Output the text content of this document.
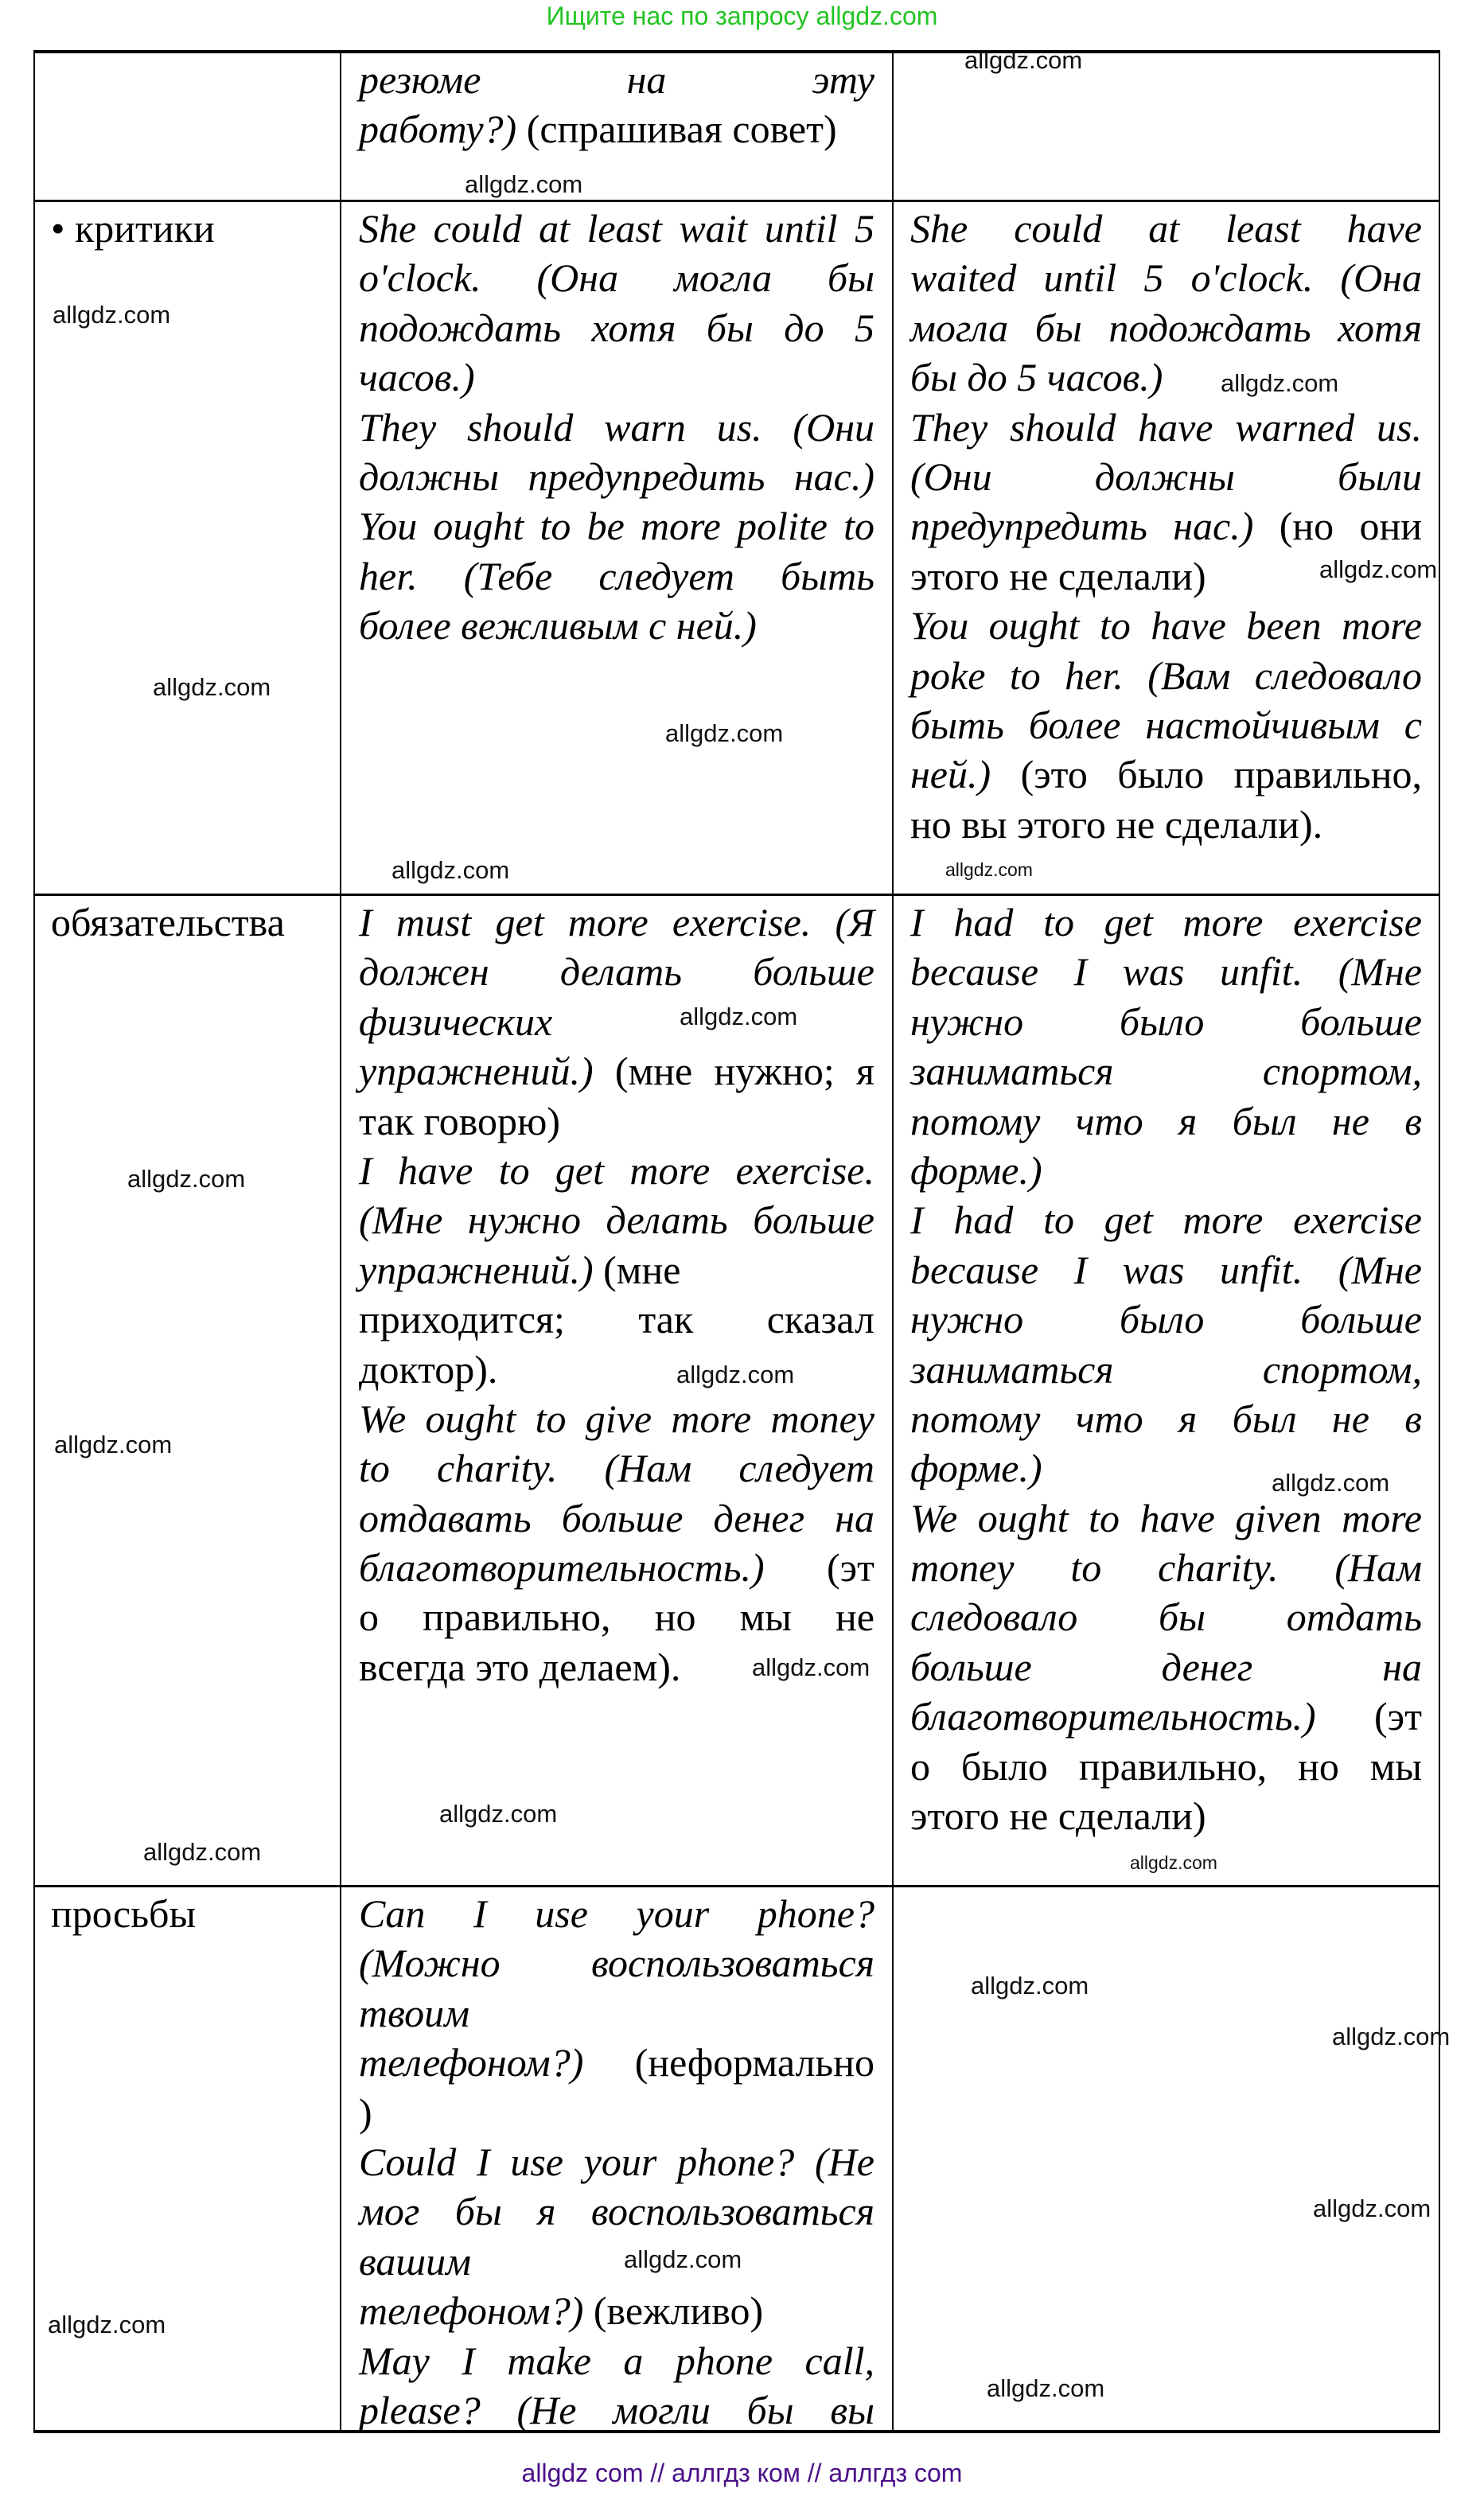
Ищите нас по запросу allgdz.com
• критики
обязательства
просьбы
резюме на эту
работу?) (спрашивая совет)
She could at least wait until 5
o'clock. (Она могла бы
подождать хотя бы до 5
часов.)
They should warn us. (Они
должны предупредить нас.)
You ought to be more polite to
her. (Тебе следует быть
более вежливым с ней.)
She could at least have
waited until 5 o'clock. (Она
могла бы подождать хотя
бы до 5 часов.)
They should have warned us.
(Они должны были
предупредить нас.) (но они
этого не сделали)
You ought to have been more
poke to her. (Вам следовало
быть более настойчивым с
ней.) (это было правильно,
но вы этого не сделали).
I must get more exercise. (Я
должен делать больше
физических
упражнений.) (мне нужно; я
так говорю)
I have to get more exercise.
(Мне нужно делать больше
упражнений.) (мне
приходится; так сказал
доктор).
We ought to give more money
to charity. (Нам следует
отдавать больше денег на
благотворительность.) (эт
о правильно, но мы не
всегда это делаем).
I had to get more exercise
because I was unfit. (Мне
нужно было больше
заниматься спортом,
потому что я был не в
форме.)
I had to get more exercise
because I was unfit. (Мне
нужно было больше
заниматься спортом,
потому что я был не в
форме.)
We ought to have given more
money to charity. (Нам
следовало бы отдать
больше денег на
благотворительность.) (эт
о было правильно, но мы
этого не сделали)
Can I use your phone?
(Можно воспользоваться
твоим
телефоном?) (неформально
)
Could I use your phone? (Не
мог бы я воспользоваться
вашим
телефоном?) (вежливо)
May I make a phone call,
please? (Не могли бы вы
allgdz.com
allgdz.com
allgdz.com
allgdz.com
allgdz.com
allgdz.com
allgdz.com
allgdz.com
allgdz.com
allgdz.com
allgdz.com
allgdz.com
allgdz.com
allgdz.com
allgdz.com
allgdz.com
allgdz.com
allgdz.com
allgdz.com
allgdz.com
allgdz.com
allgdz.com
allgdz.com
allgdz.com
allgdz com // аллгдз ком // аллгдз com
